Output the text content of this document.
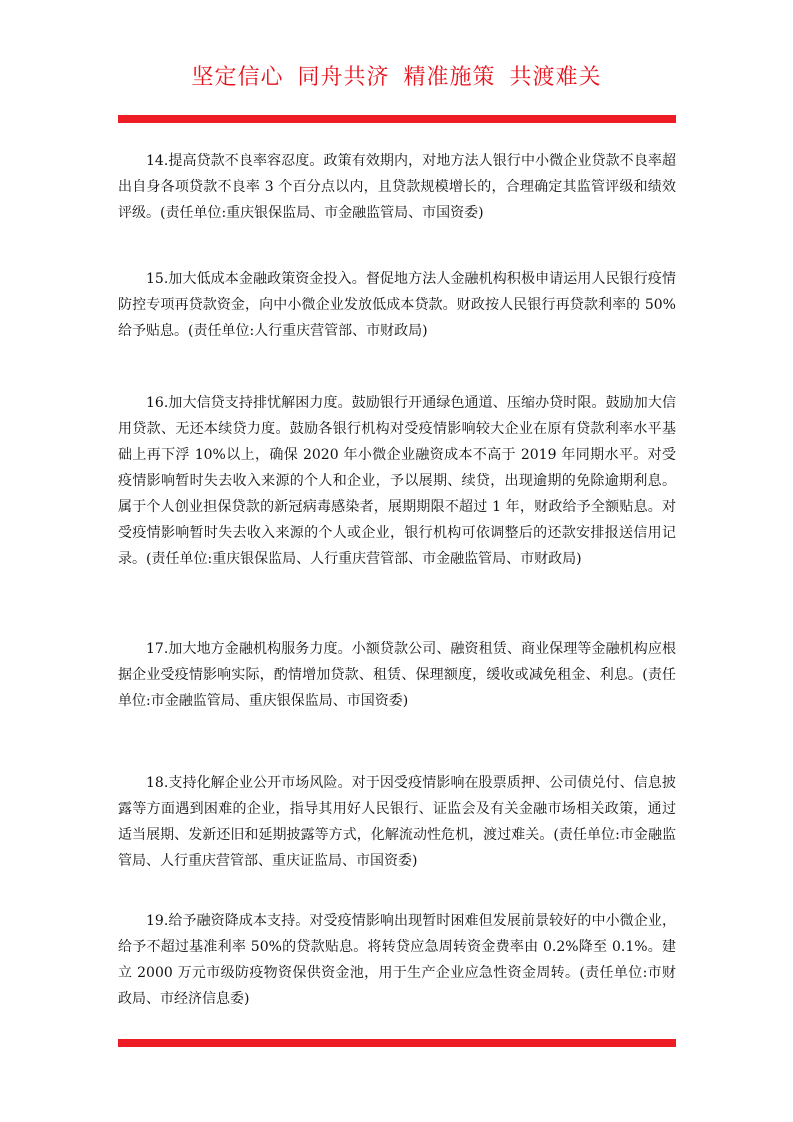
坚定信心 同舟共济 精准施策 共渡难关

14.提高贷款不良率容忍度。政策有效期内，对地方法人银行中小微企业贷款不良率超出自身各项贷款不良率 3 个百分点以内，且贷款规模增长的，合理确定其监管评级和绩效评级。(责任单位:重庆银保监局、市金融监管局、市国资委)

15.加大低成本金融政策资金投入。督促地方法人金融机构积极申请运用人民银行疫情防控专项再贷款资金，向中小微企业发放低成本贷款。财政按人民银行再贷款利率的 50%给予贴息。(责任单位:人行重庆营管部、市财政局)

16.加大信贷支持排忧解困力度。鼓励银行开通绿色通道、压缩办贷时限。鼓励加大信用贷款、无还本续贷力度。鼓励各银行机构对受疫情影响较大企业在原有贷款利率水平基础上再下浮 10%以上，确保 2020 年小微企业融资成本不高于 2019 年同期水平。对受疫情影响暂时失去收入来源的个人和企业，予以展期、续贷，出现逾期的免除逾期利息。属于个人创业担保贷款的新冠病毒感染者，展期期限不超过 1 年，财政给予全额贴息。对受疫情影响暂时失去收入来源的个人或企业，银行机构可依调整后的还款安排报送信用记录。(责任单位:重庆银保监局、人行重庆营管部、市金融监管局、市财政局)

17.加大地方金融机构服务力度。小额贷款公司、融资租赁、商业保理等金融机构应根据企业受疫情影响实际，酌情增加贷款、租赁、保理额度，缓收或减免租金、利息。(责任单位:市金融监管局、重庆银保监局、市国资委)

18.支持化解企业公开市场风险。对于因受疫情影响在股票质押、公司债兑付、信息披露等方面遇到困难的企业，指导其用好人民银行、证监会及有关金融市场相关政策，通过适当展期、发新还旧和延期披露等方式，化解流动性危机，渡过难关。(责任单位:市金融监管局、人行重庆营管部、重庆证监局、市国资委)

19.给予融资降成本支持。对受疫情影响出现暂时困难但发展前景较好的中小微企业，给予不超过基准利率 50%的贷款贴息。将转贷应急周转资金费率由 0.2%降至 0.1%。建立 2000 万元市级防疫物资保供资金池，用于生产企业应急性资金周转。(责任单位:市财政局、市经济信息委)
